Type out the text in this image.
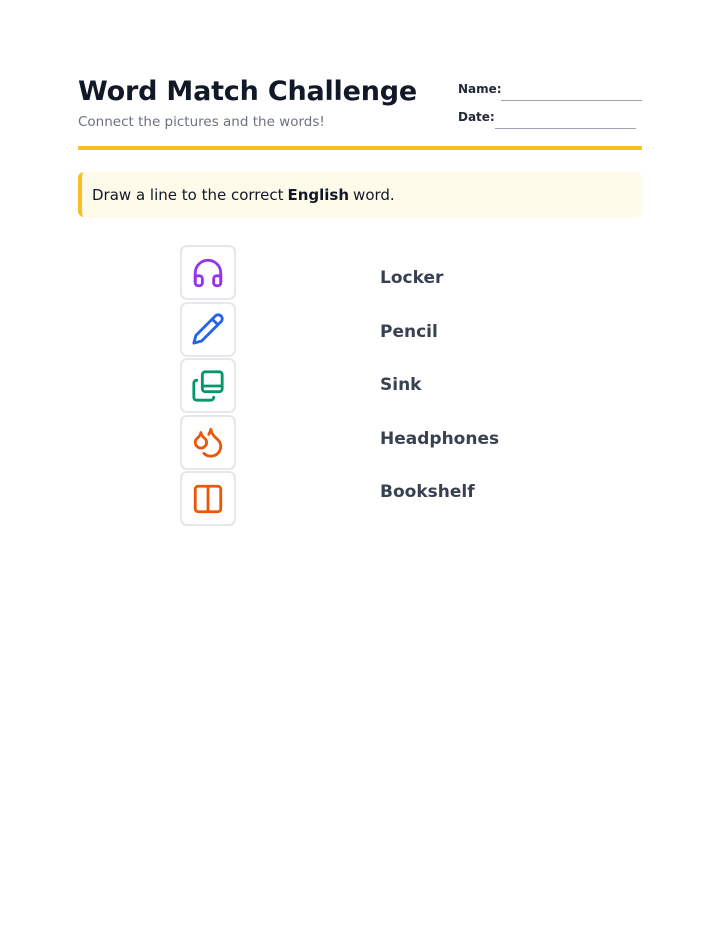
Word Match Challenge
Connect the pictures and the words!
Name:
Date:
Draw a line to the correct English word.
Locker
Pencil
Sink
Headphones
Bookshelf
